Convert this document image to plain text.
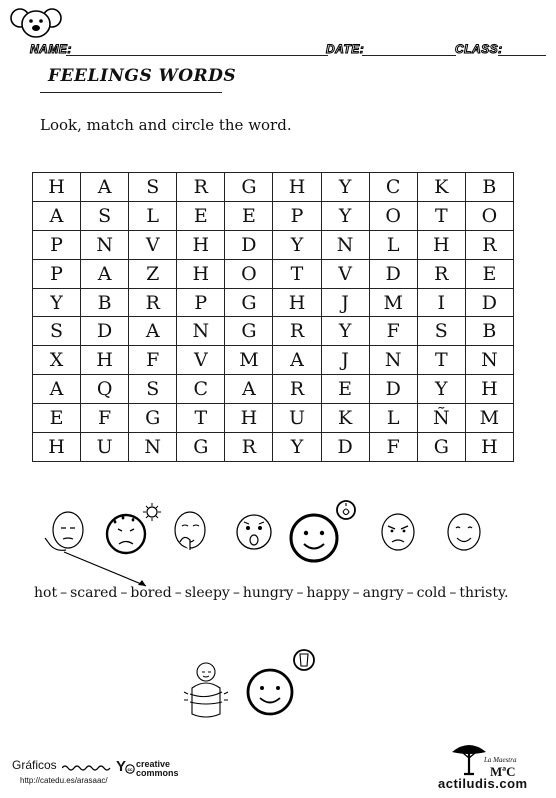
NAME:	DATE:	CLASS:
FEELINGS WORDS
Look, match and circle the word.
H	A	S	R	G	H	Y	C	K	B
A	S	L	E	E	P	Y	O	T	O
P	N	V	H	D	Y	N	L	H	R
P	A	Z	H	O	T	V	D	R	E
Y	B	R	P	G	H	J	M	I	D
S	D	A	N	G	R	Y	F	S	B
X	H	F	V	M	A	J	N	T	N
A	Q	S	C	A	R	E	D	Y	H
E	F	G	T	H	U	K	L	Ñ	M
H	U	N	G	R	Y	D	F	G	H
hot – scared – bored – sleepy – hungry – happy – angry – cold – thristy.
Gráficos	Y
http://catedu.es/arasaac/
cc
creative
commons
La Maestra
MªC
actiludis.com
